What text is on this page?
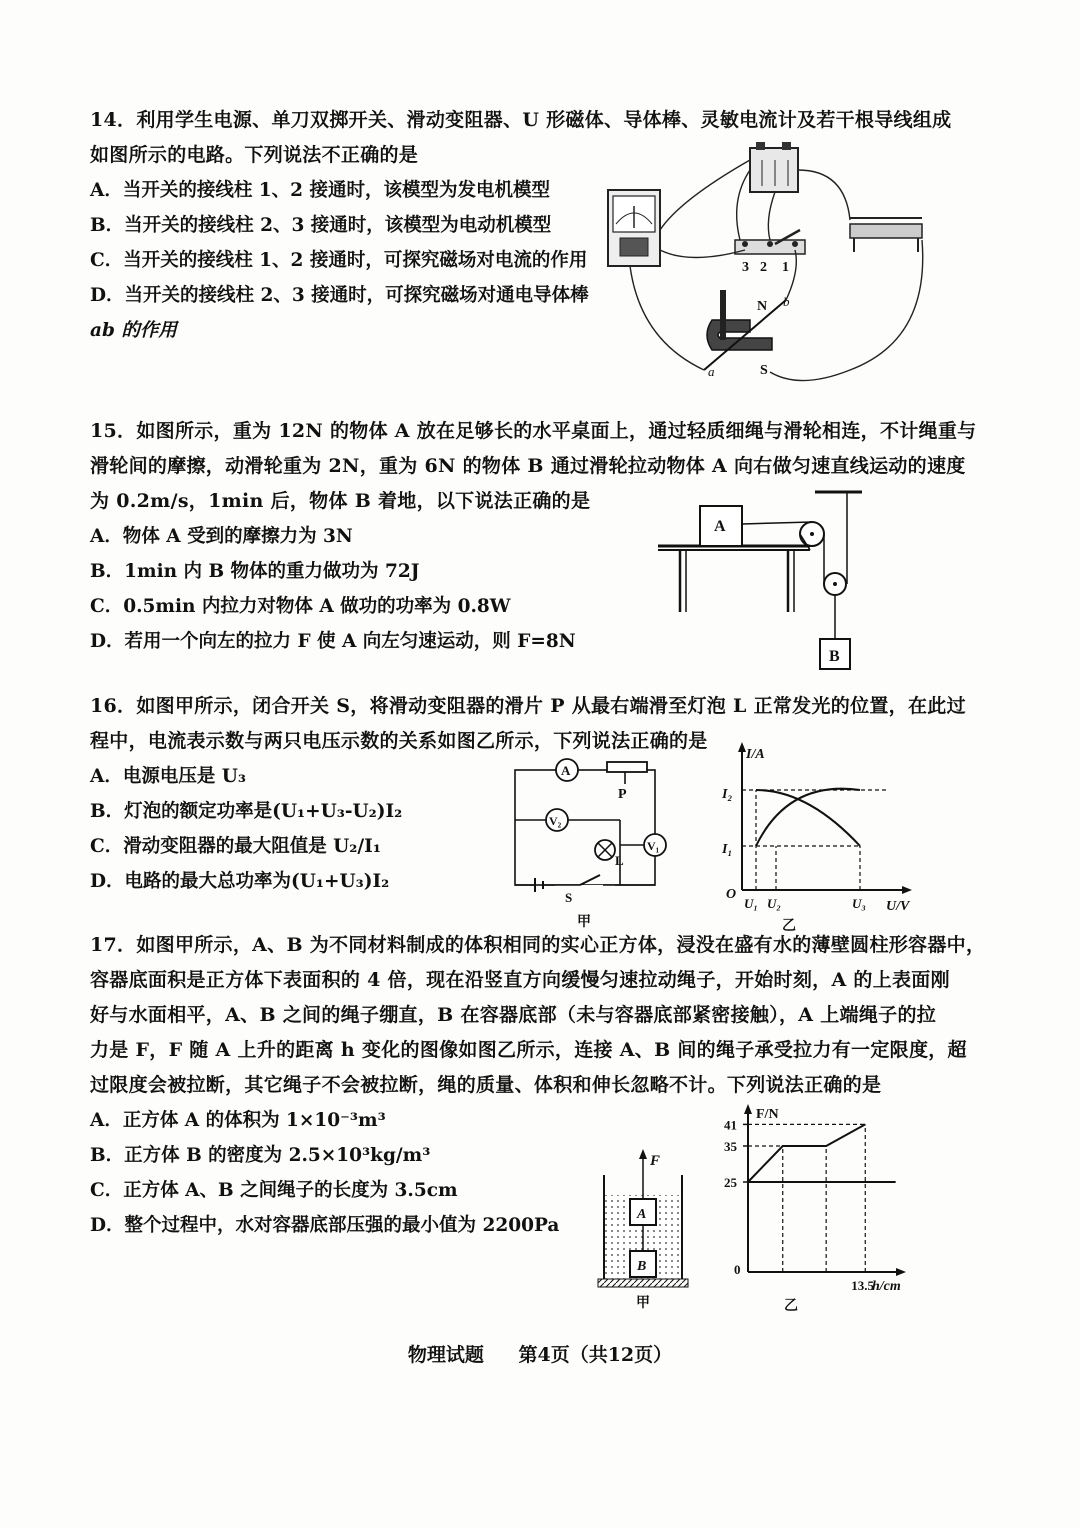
14．利用学生电源、单刀双掷开关、滑动变阻器、U 形磁体、导体棒、灵敏电流计及若干根导线组成
如图所示的电路。下列说法不正确的是
A．当开关的接线柱 1、2 接通时，该模型为发电机模型
B．当开关的接线柱 2、3 接通时，该模型为电动机模型
C．当开关的接线柱 1、2 接通时，可探究磁场对电流的作用
D．当开关的接线柱 2、3 接通时，可探究磁场对通电导体棒
ab 的作用
3 2 1
N
S
a
b
15．如图所示，重为 12N 的物体 A 放在足够长的水平桌面上，通过轻质细绳与滑轮相连，不计绳重与
滑轮间的摩擦，动滑轮重为 2N，重为 6N 的物体 B 通过滑轮拉动物体 A 向右做匀速直线运动的速度
为 0.2m/s，1min 后，物体 B 着地，以下说法正确的是
A．物体 A 受到的摩擦力为 3N
B．1min 内 B 物体的重力做功为 72J
C．0.5min 内拉力对物体 A 做功的功率为 0.8W
D．若用一个向左的拉力 F 使 A 向左匀速运动，则 F=8N
A
B
16．如图甲所示，闭合开关 S，将滑动变阻器的滑片 P 从最右端滑至灯泡 L 正常发光的位置，在此过
程中，电流表示数与两只电压示数的关系如图乙所示，下列说法正确的是
A．电源电压是 U₃
B．灯泡的额定功率是(U₁+U₃-U₂)I₂
C．滑动变阻器的最大阻值是 U₂/I₁
D．电路的最大总功率为(U₁+U₃)I₂
A
P
V₂
L
V₁
S
甲
I/A
U/V
O
I₂
I₁
U₁ U₂	U₃
乙
17．如图甲所示，A、B 为不同材料制成的体积相同的实心正方体，浸没在盛有水的薄壁圆柱形容器中，
容器底面积是正方体下表面积的 4 倍，现在沿竖直方向缓慢匀速拉动绳子，开始时刻，A 的上表面刚
好与水面相平，A、B 之间的绳子绷直，B 在容器底部（未与容器底部紧密接触），A 上端绳子的拉
力是 F，F 随 A 上升的距离 h 变化的图像如图乙所示，连接 A、B 间的绳子承受拉力有一定限度，超
过限度会被拉断，其它绳子不会被拉断，绳的质量、体积和伸长忽略不计。下列说法正确的是
A．正方体 A 的体积为 1×10⁻³m³
B．正方体 B 的密度为 2.5×10³kg/m³
C．正方体 A、B 之间绳子的长度为 3.5cm
D．整个过程中，水对容器底部压强的最小值为 2200Pa
F
A
B
甲
F/N
h/cm
0
乙
25
35
41
13.5
物理试题 第4页（共12页）
